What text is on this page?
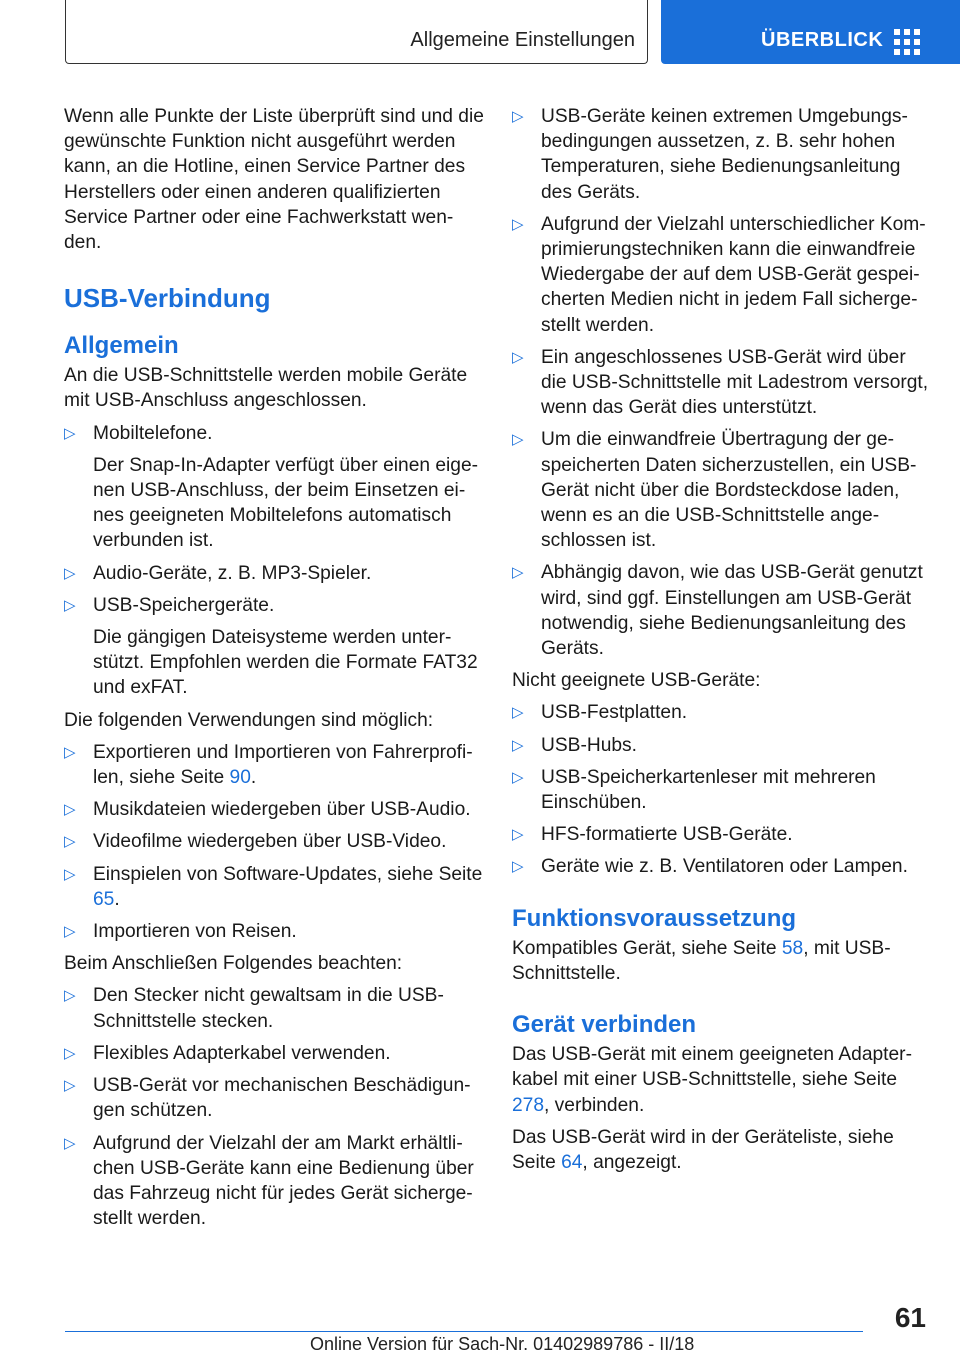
Allgemeine Einstellungen	ÜBERBLICK

Wenn alle Punkte der Liste überprüft sind und die gewünschte Funktion nicht ausgeführt werden kann, an die Hotline, einen Service Partner des Herstellers oder einen anderen qualifizierten Service Partner oder eine Fachwerkstatt wenden.

USB-Verbindung
Allgemein

An die USB-Schnittstelle werden mobile Geräte mit USB-Anschluss angeschlossen.

▷ Mobiltelefone.
Der Snap-In-Adapter verfügt über einen eigenen USB-Anschluss, der beim Einsetzen eines geeigneten Mobiltelefons automatisch verbunden ist.
▷ Audio-Geräte, z. B. MP3-Spieler.
▷ USB-Speichergeräte.
Die gängigen Dateisysteme werden unterstützt. Empfohlen werden die Formate FAT32 und exFAT.

Die folgenden Verwendungen sind möglich:

▷ Exportieren und Importieren von Fahrerprofilen, siehe Seite 90.
▷ Musikdateien wiedergeben über USB-Audio.
▷ Videofilme wiedergeben über USB-Video.
▷ Einspielen von Software-Updates, siehe Seite 65.
▷ Importieren von Reisen.

Beim Anschließen Folgendes beachten:

▷ Den Stecker nicht gewaltsam in die USB-Schnittstelle stecken.
▷ Flexibles Adapterkabel verwenden.
▷ USB-Gerät vor mechanischen Beschädigungen schützen.
▷ Aufgrund der Vielzahl der am Markt erhältlichen USB-Geräte kann eine Bedienung über das Fahrzeug nicht für jedes Gerät sichergestellt werden.
▷ USB-Geräte keinen extremen Umgebungsbedingungen aussetzen, z. B. sehr hohen Temperaturen, siehe Bedienungsanleitung des Geräts.
▷ Aufgrund der Vielzahl unterschiedlicher Komprimierungstechniken kann die einwandfreie Wiedergabe der auf dem USB-Gerät gespeicherten Medien nicht in jedem Fall sichergestellt werden.
▷ Ein angeschlossenes USB-Gerät wird über die USB-Schnittstelle mit Ladestrom versorgt, wenn das Gerät dies unterstützt.
▷ Um die einwandfreie Übertragung der gespeicherten Daten sicherzustellen, ein USB-Gerät nicht über die Bordsteckdose laden, wenn es an die USB-Schnittstelle angeschlossen ist.
▷ Abhängig davon, wie das USB-Gerät genutzt wird, sind ggf. Einstellungen am USB-Gerät notwendig, siehe Bedienungsanleitung des Geräts.

Nicht geeignete USB-Geräte:

▷ USB-Festplatten.
▷ USB-Hubs.
▷ USB-Speicherkartenleser mit mehreren Einschüben.
▷ HFS-formatierte USB-Geräte.
▷ Geräte wie z. B. Ventilatoren oder Lampen.
Funktionsvoraussetzung

Kompatibles Gerät, siehe Seite 58, mit USB-Schnittstelle.

Gerät verbinden

Das USB-Gerät mit einem geeigneten Adapterkabel mit einer USB-Schnittstelle, siehe Seite 278, verbinden.

Das USB-Gerät wird in der Geräteliste, siehe Seite 64, angezeigt.

61
Online Version für Sach-Nr. 01402989786 - II/18
